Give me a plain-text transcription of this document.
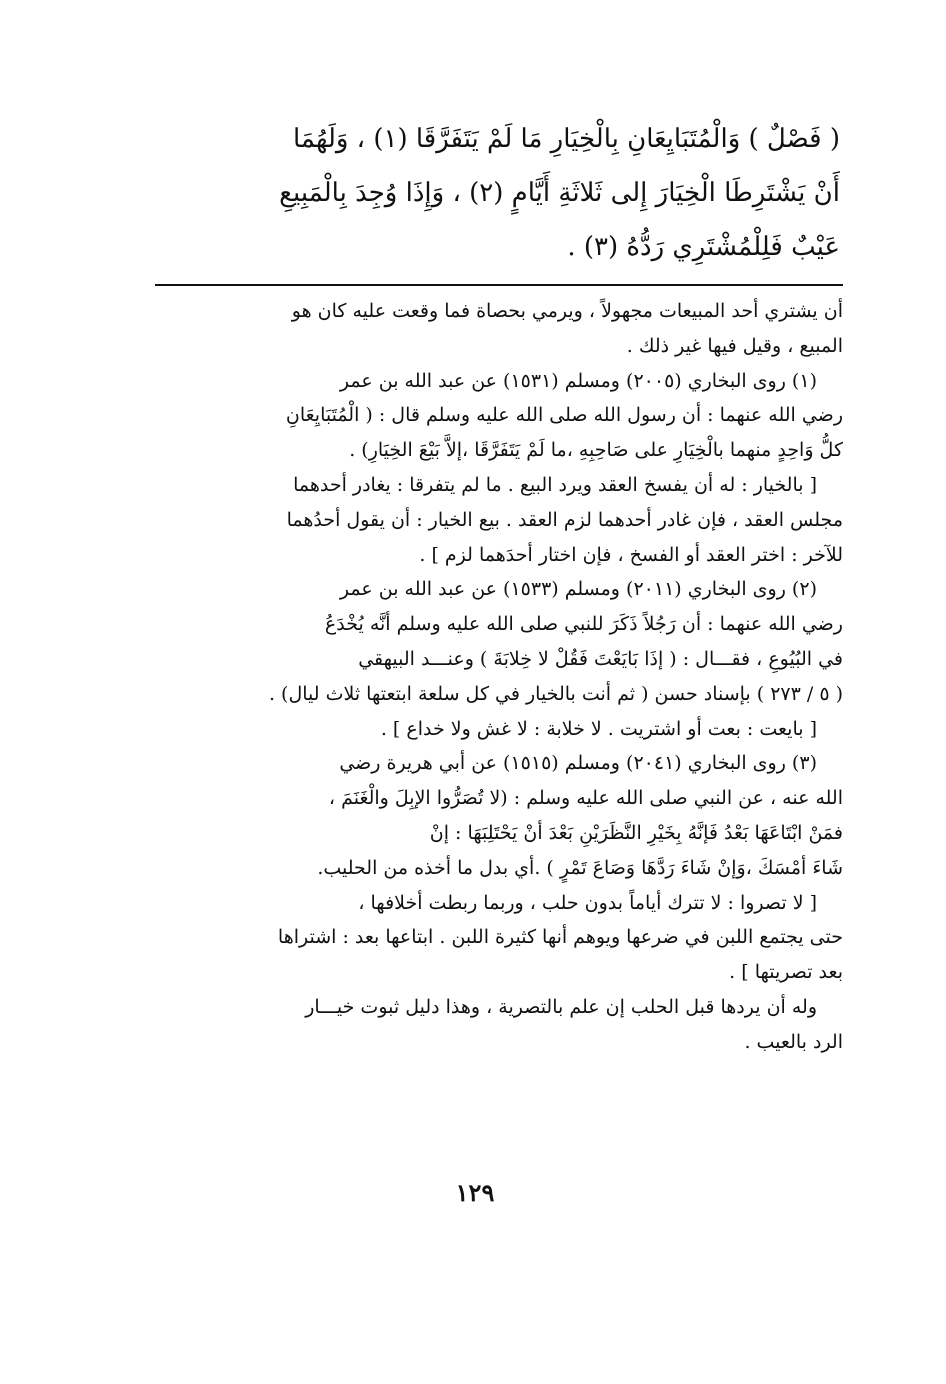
( فَصْلٌ ) وَالْمُتَبَايِعَانِ بِالْخِيَارِ مَا لَمْ يَتَفَرَّقَا (١) ، وَلَهُمَا
أَنْ يَشْتَرِطَا الْخِيَارَ إِلى ثَلاثَةِ أَيَّامٍ (٢) ، وَإِذَا وُجِدَ بِالْمَبِيعِ
عَيْبٌ فَلِلْمُشْتَرِي رَدُّهُ (٣) .
أن يشتري أحد المبيعات مجهولاً ، ويرمي بحصاة فما وقعت عليه كان هو
المبيع ، وقيل فيها غير ذلك .
(١) روى البخاري (٢٠٠٥) ومسلم (١٥٣١) عن عبد الله بن عمر
رضي الله عنهما : أن رسول الله صلى الله عليه وسلم قال : ( الْمُتَبَايِعَانِ
كلُّ وَاحِدٍ منهما بالْخِيَارِ على صَاحِبِهِ ،ما لَمْ يَتَفَرَّقَا ،إلاَّ بَيْعَ الخِيَارِ) .
[ بالخيار : له أن يفسخ العقد ويرد البيع . ما لم يتفرقا : يغادر أحدهما
مجلس العقد ، فإن غادر أحدهما لزم العقد . بيع الخيار : أن يقول أحدُهما
للآخر : اختر العقد أو الفسخ ، فإن اختار أحدَهما لزم ] .
(٢) روى البخاري (٢٠١١) ومسلم (١٥٣٣) عن عبد الله بن عمر
رضي الله عنهما : أن رَجُلاً ذَكَرَ للنبي صلى الله عليه وسلم أنَّه يُخْدَعُ
في البُيُوعِ ، فقـــال : ( إذَا بَايَعْتَ فَقُلْ لا خِلابَةَ ) وعنـــد البيهقي
( ٥ / ٢٧٣ ) بإسناد حسن ( ثم أنت بالخيار في كل سلعة ابتعتها ثلاث ليال) .
[ بايعت : بعت أو اشتريت . لا خلابة : لا غش ولا خداع ] .
(٣) روى البخاري (٢٠٤١) ومسلم (١٥١٥) عن أبي هريرة رضي
الله عنه ، عن النبي صلى الله عليه وسلم : (لا تُصَرُّوا الإبِلَ والْغَنَمَ ،
فمَنْ ابْتَاعَهَا بَعْدُ فَإنَّهُ بِخَيْرِ النَّظَرَيْنِ بَعْدَ أنْ يَحْتَلِبَهَا : إنْ
شَاءَ أمْسَكَ ،وَإنْ شَاءَ رَدَّهَا وَصَاعَ تَمْرٍ ) .أي بدل ما أخذه من الحليب.
[ لا تصروا : لا تترك أياماً بدون حلب ، وربما ربطت أخلافها ،
حتى يجتمع اللبن في ضرعها ويوهم أنها كثيرة اللبن . ابتاعها بعد : اشتراها
بعد تصريتها ] .
وله أن يردها قبل الحلب إن علم بالتصرية ، وهذا دليل ثبوت خيـــار
الرد بالعيب .
١٢٩
